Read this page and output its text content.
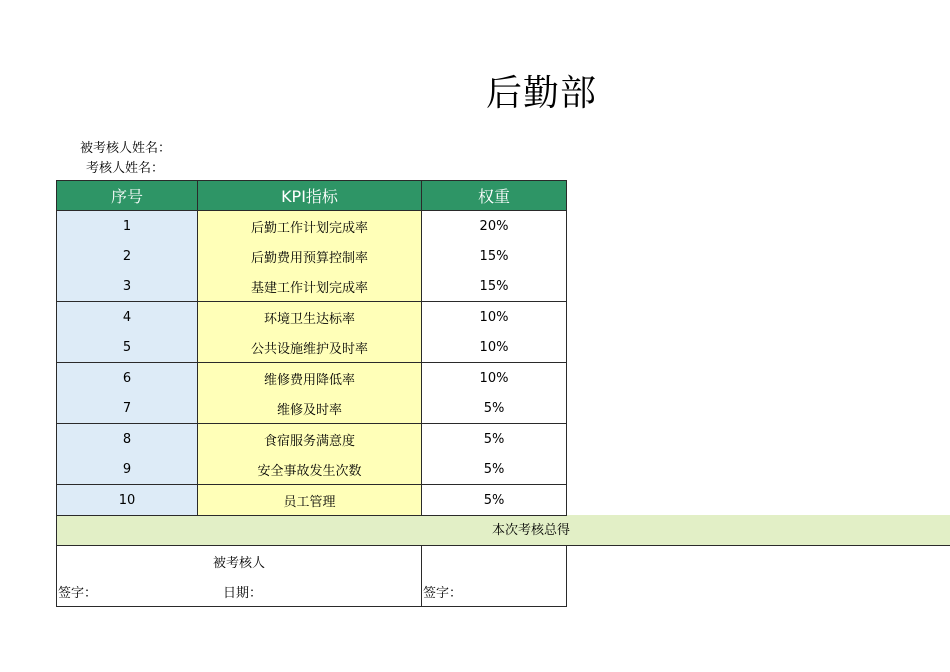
后勤部
被考核人姓名：
考核人姓名：
本次考核总得
序号	KPI指标	权重
1	后勤工作计划完成率	20%
2	后勤费用预算控制率	15%
3	基建工作计划完成率	15%
4	环境卫生达标率	10%
5	公共设施维护及时率	10%
6	维修费用降低率	10%
7	维修及时率	5%
8	食宿服务满意度	5%
9	安全事故发生次数	5%
10	员工管理	5%
被考核人
签字：	日期：	签字：
